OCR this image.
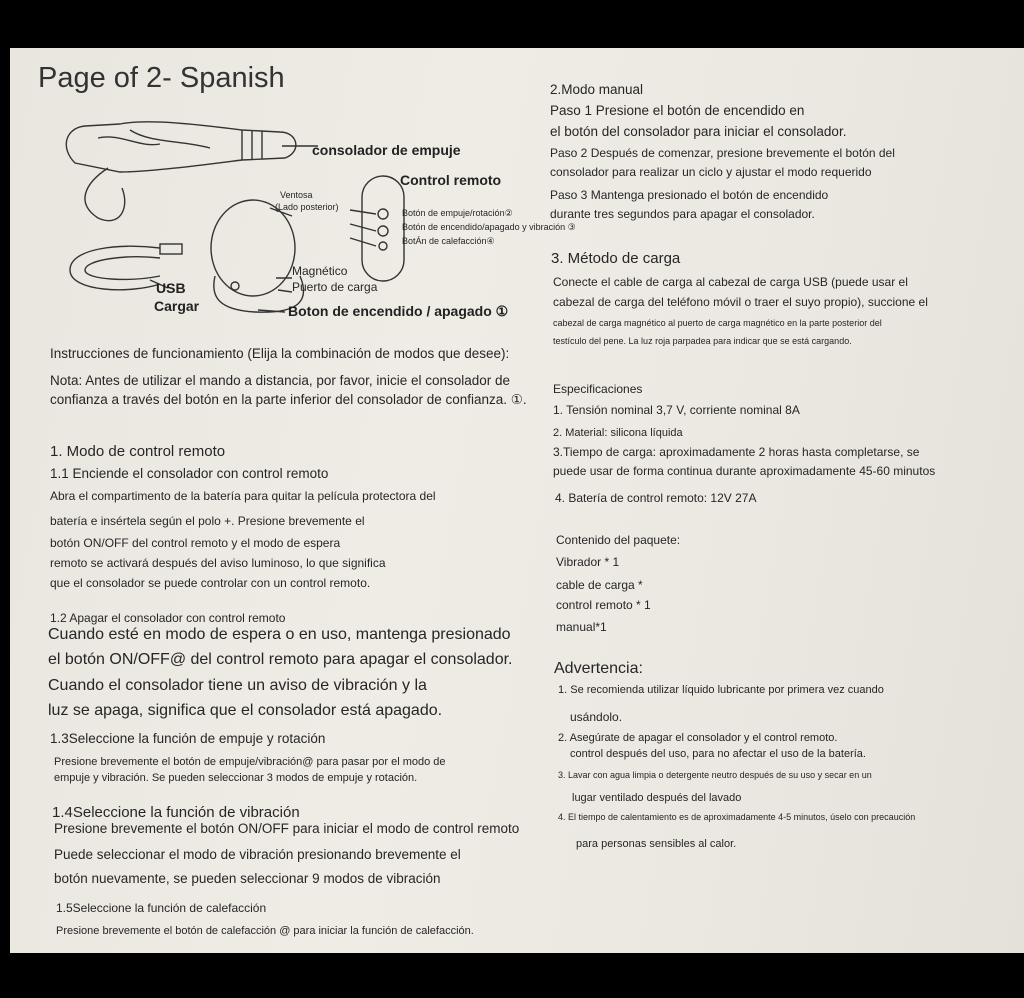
Page of 2- Spanish
consolador de empuje
Control remoto
Ventosa
(Lado posterior)
Botón de empuje/rotación②
Botón de encendido/apagado y vibración ③
BotÁn de calefacción④
Magnético
Puerto de carga
USB
Cargar	Boton de encendido / apagado ①
Instrucciones de funcionamiento (Elija la combinación de modos que desee):
Nota: Antes de utilizar el mando a distancia, por favor, inicie el consolador de
confianza a través del botón en la parte inferior del consolador de confianza. ①.
1. Modo de control remoto
1.1 Enciende el consolador con control remoto
Abra el compartimento de la batería para quitar la película protectora del
batería e insértela según el polo +. Presione brevemente el
botón ON/OFF del control remoto y el modo de espera
remoto se activará después del aviso luminoso, lo que significa
que el consolador se puede controlar con un control remoto.
1.2 Apagar el consolador con control remoto
Cuando esté en modo de espera o en uso, mantenga presionado
el botón ON/OFF@ del control remoto para apagar el consolador.
Cuando el consolador tiene un aviso de vibración y la
luz se apaga, significa que el consolador está apagado.
1.3Seleccione la función de empuje y rotación
Presione brevemente el botón de empuje/vibración@ para pasar por el modo de
empuje y vibración. Se pueden seleccionar 3 modos de empuje y rotación.
1.4Seleccione la función de vibración
Presione brevemente el botón ON/OFF para iniciar el modo de control remoto
Puede seleccionar el modo de vibración presionando brevemente el
botón nuevamente, se pueden seleccionar 9 modos de vibración
1.5Seleccione la función de calefacción
Presione brevemente el botón de calefacción @ para iniciar la función de calefacción.
2.Modo manual
Paso 1 Presione el botón de encendido en
el botón del consolador para iniciar el consolador.
Paso 2 Después de comenzar, presione brevemente el botón del
consolador para realizar un ciclo y ajustar el modo requerido
Paso 3 Mantenga presionado el botón de encendido
durante tres segundos para apagar el consolador.
3. Método de carga
Conecte el cable de carga al cabezal de carga USB (puede usar el
cabezal de carga del teléfono móvil o traer el suyo propio), succione el
cabezal de carga magnético al puerto de carga magnético en la parte posterior del
testículo del pene. La luz roja parpadea para indicar que se está cargando.
Especificaciones
1. Tensión nominal 3,7 V, corriente nominal 8A
2. Material: silicona líquida
3.Tiempo de carga: aproximadamente 2 horas hasta completarse, se
puede usar de forma continua durante aproximadamente 45-60 minutos
4. Batería de control remoto: 12V 27A
Contenido del paquete:
Vibrador * 1
cable de carga *
control remoto * 1
manual*1
Advertencia:
1. Se recomienda utilizar líquido lubricante por primera vez cuando
usándolo.
2. Asegúrate de apagar el consolador y el control remoto.
control después del uso, para no afectar el uso de la batería.
3. Lavar con agua limpia o detergente neutro después de su uso y secar en un
lugar ventilado después del lavado
4. El tiempo de calentamiento es de aproximadamente 4-5 minutos, úselo con precaución
para personas sensibles al calor.
